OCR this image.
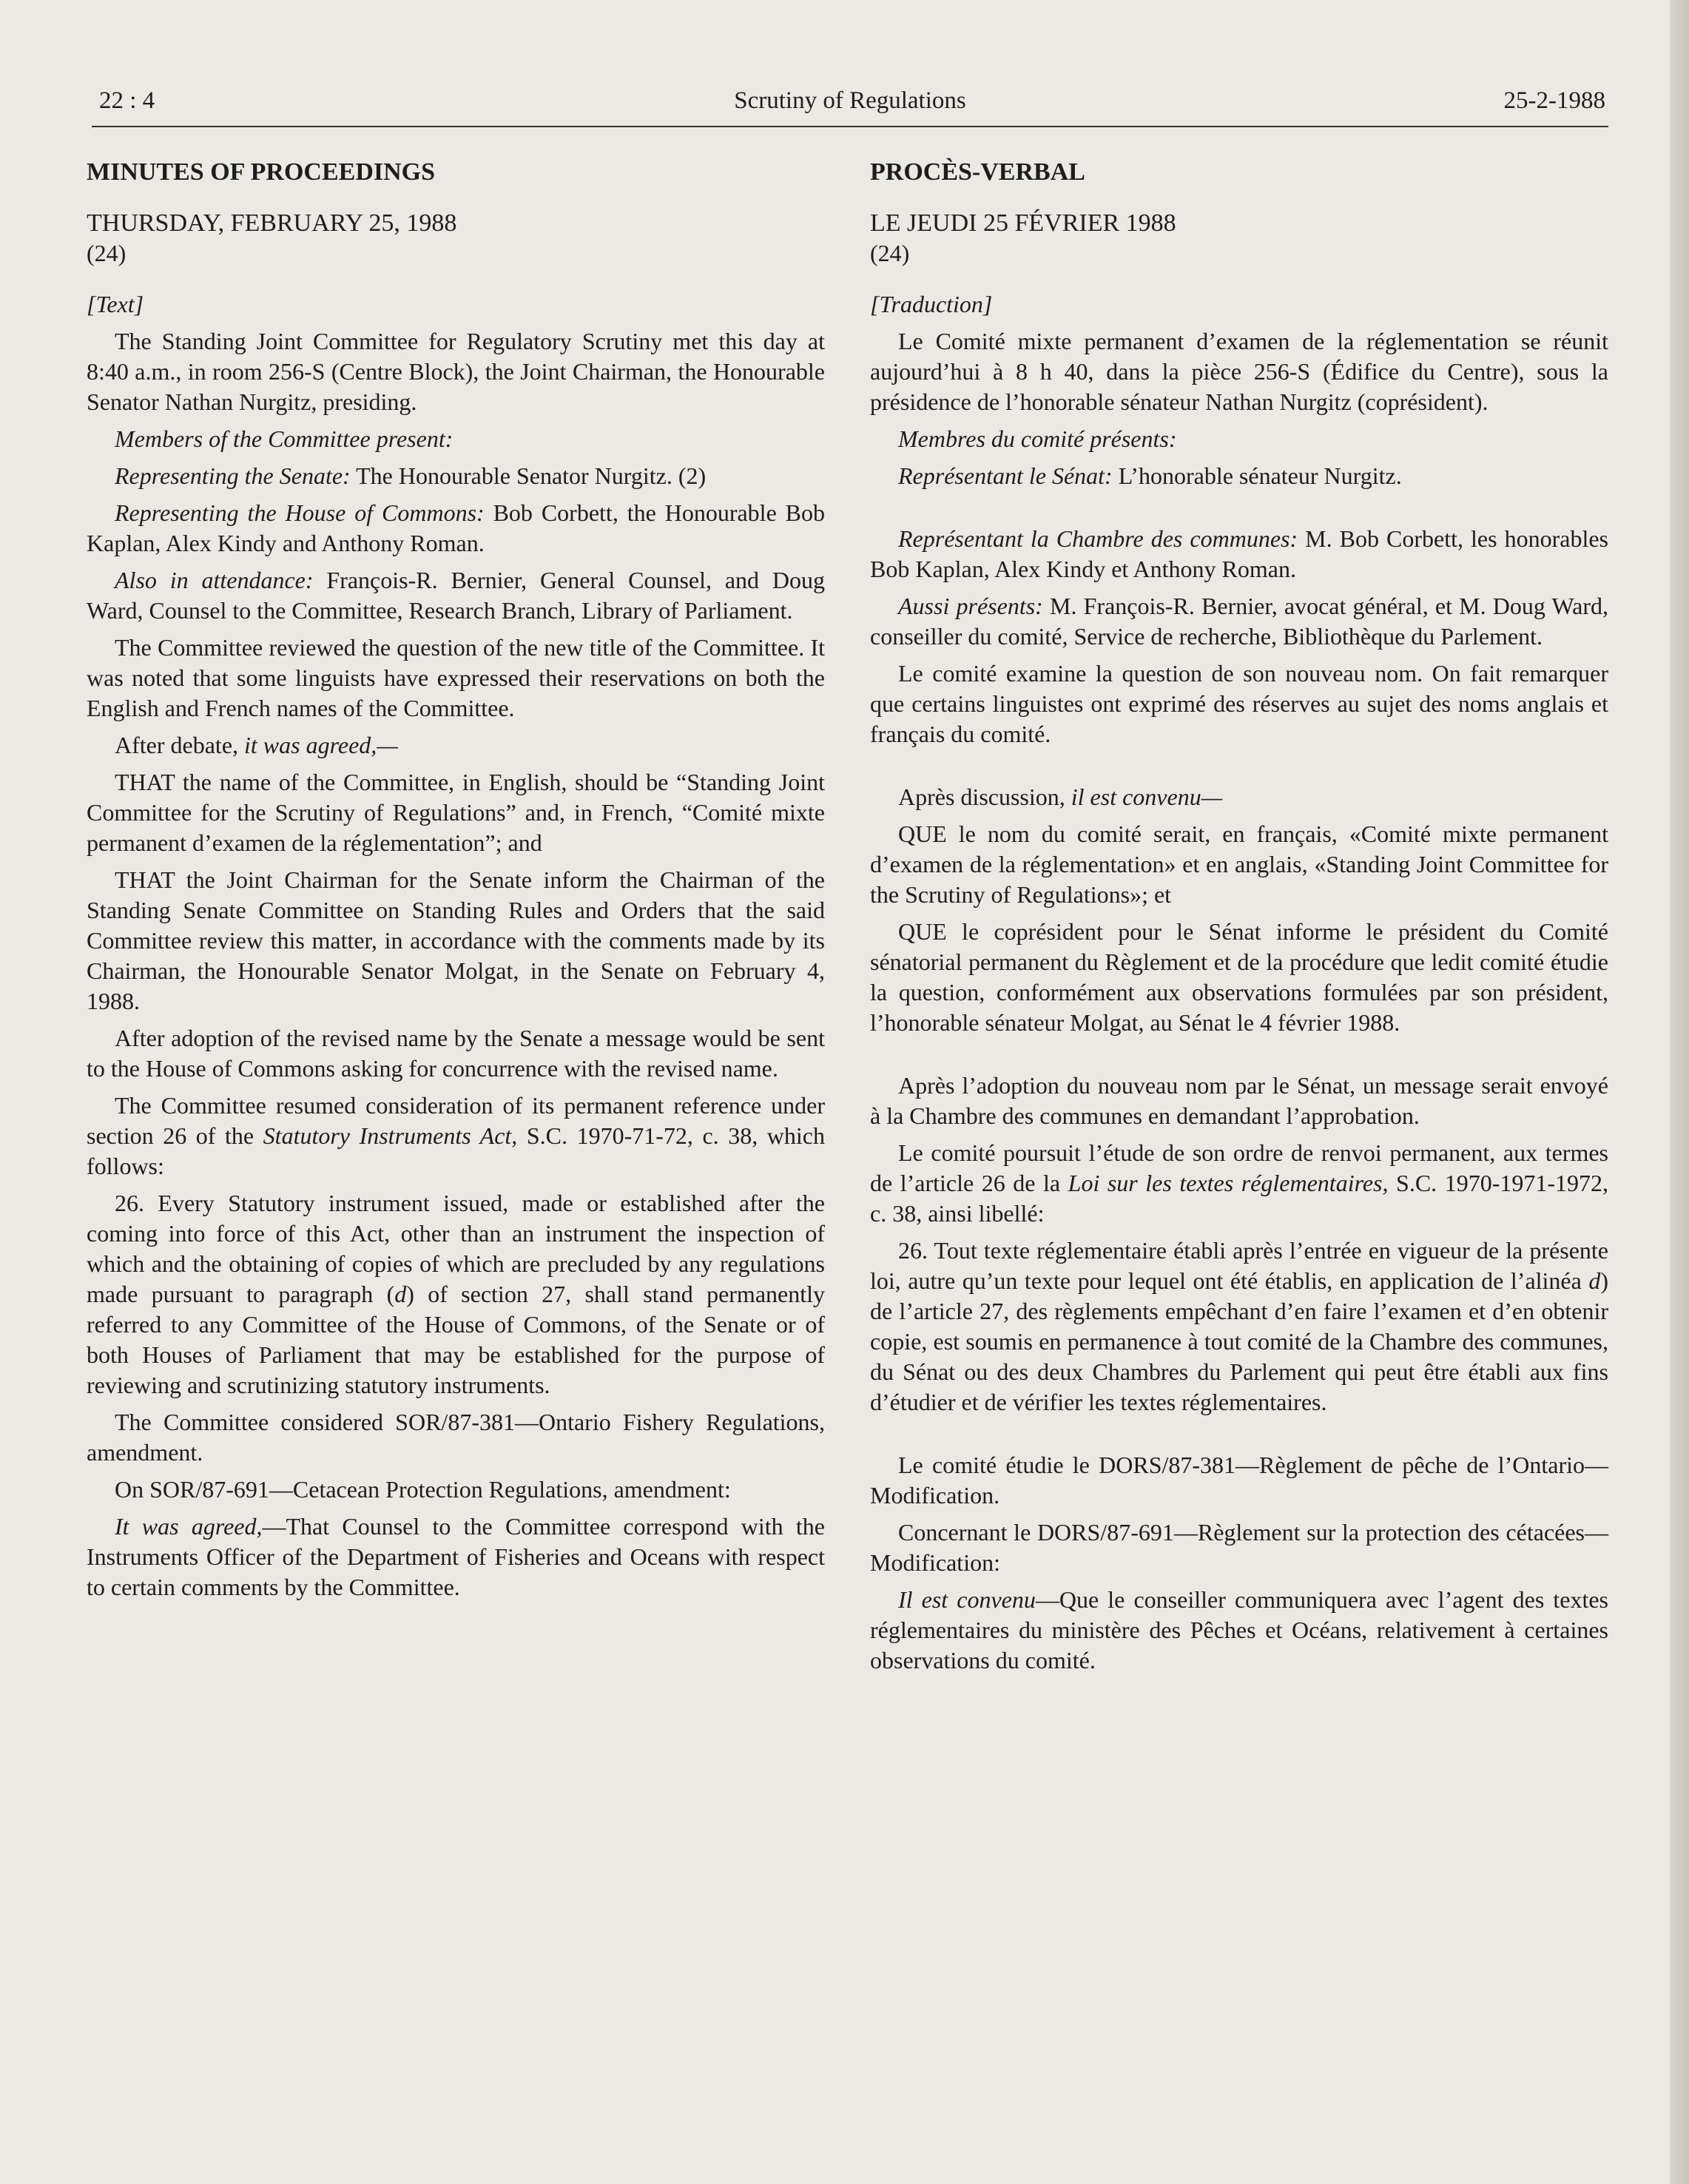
22 : 4	Scrutiny of Regulations	25-2-1988

MINUTES OF PROCEEDINGS

THURSDAY, FEBRUARY 25, 1988

(24)

[Text]

The Standing Joint Committee for Regulatory Scrutiny met this day at 8:40 a.m., in room 256-S (Centre Block), the Joint Chairman, the Honourable Senator Nathan Nurgitz, presiding.

Members of the Committee present:

Representing the Senate: The Honourable Senator Nurgitz. (2)

Representing the House of Commons: Bob Corbett, the Honourable Bob Kaplan, Alex Kindy and Anthony Roman.

Also in attendance: François-R. Bernier, General Counsel, and Doug Ward, Counsel to the Committee, Research Branch, Library of Parliament.

The Committee reviewed the question of the new title of the Committee. It was noted that some linguists have expressed their reservations on both the English and French names of the Committee.

After debate, it was agreed,—

THAT the name of the Committee, in English, should be “Standing Joint Committee for the Scrutiny of Regulations” and, in French, “Comité mixte permanent d’examen de la réglementation”; and

THAT the Joint Chairman for the Senate inform the Chairman of the Standing Senate Committee on Standing Rules and Orders that the said Committee review this matter, in accordance with the comments made by its Chairman, the Honourable Senator Molgat, in the Senate on February 4, 1988.

After adoption of the revised name by the Senate a message would be sent to the House of Commons asking for concurrence with the revised name.

The Committee resumed consideration of its permanent reference under section 26 of the Statutory Instruments Act, S.C. 1970-71-72, c. 38, which follows:

26. Every Statutory instrument issued, made or established after the coming into force of this Act, other than an instrument the inspection of which and the obtaining of copies of which are precluded by any regulations made pursuant to paragraph (d) of section 27, shall stand permanently referred to any Committee of the House of Commons, of the Senate or of both Houses of Parliament that may be established for the purpose of reviewing and scrutinizing statutory instruments.

The Committee considered SOR/87-381—Ontario Fishery Regulations, amendment.

On SOR/87-691—Cetacean Protection Regulations, amendment:

It was agreed,—That Counsel to the Committee correspond with the Instruments Officer of the Department of Fisheries and Oceans with respect to certain comments by the Committee.

PROCÈS-VERBAL

LE JEUDI 25 FÉVRIER 1988

(24)

[Traduction]

Le Comité mixte permanent d’examen de la réglementation se réunit aujourd’hui à 8 h 40, dans la pièce 256-S (Édifice du Centre), sous la présidence de l’honorable sénateur Nathan Nurgitz (coprésident).

Membres du comité présents:

Représentant le Sénat: L’honorable sénateur Nurgitz.

Représentant la Chambre des communes: M. Bob Corbett, les honorables Bob Kaplan, Alex Kindy et Anthony Roman.

Aussi présents: M. François-R. Bernier, avocat général, et M. Doug Ward, conseiller du comité, Service de recherche, Bibliothèque du Parlement.

Le comité examine la question de son nouveau nom. On fait remarquer que certains linguistes ont exprimé des réserves au sujet des noms anglais et français du comité.

Après discussion, il est convenu—

QUE le nom du comité serait, en français, «Comité mixte permanent d’examen de la réglementation» et en anglais, «Standing Joint Committee for the Scrutiny of Regulations»; et

QUE le coprésident pour le Sénat informe le président du Comité sénatorial permanent du Règlement et de la procédure que ledit comité étudie la question, conformément aux observations formulées par son président, l’honorable sénateur Molgat, au Sénat le 4 février 1988.

Après l’adoption du nouveau nom par le Sénat, un message serait envoyé à la Chambre des communes en demandant l’approbation.

Le comité poursuit l’étude de son ordre de renvoi permanent, aux termes de l’article 26 de la Loi sur les textes réglementaires, S.C. 1970-1971-1972, c. 38, ainsi libellé:

26. Tout texte réglementaire établi après l’entrée en vigueur de la présente loi, autre qu’un texte pour lequel ont été établis, en application de l’alinéa d) de l’article 27, des règlements empêchant d’en faire l’examen et d’en obtenir copie, est soumis en permanence à tout comité de la Chambre des communes, du Sénat ou des deux Chambres du Parlement qui peut être établi aux fins d’étudier et de vérifier les textes réglementaires.

Le comité étudie le DORS/87-381—Règlement de pêche de l’Ontario—Modification.

Concernant le DORS/87-691—Règlement sur la protection des cétacées—Modification:

Il est convenu—Que le conseiller communiquera avec l’agent des textes réglementaires du ministère des Pêches et Océans, relativement à certaines observations du comité.
